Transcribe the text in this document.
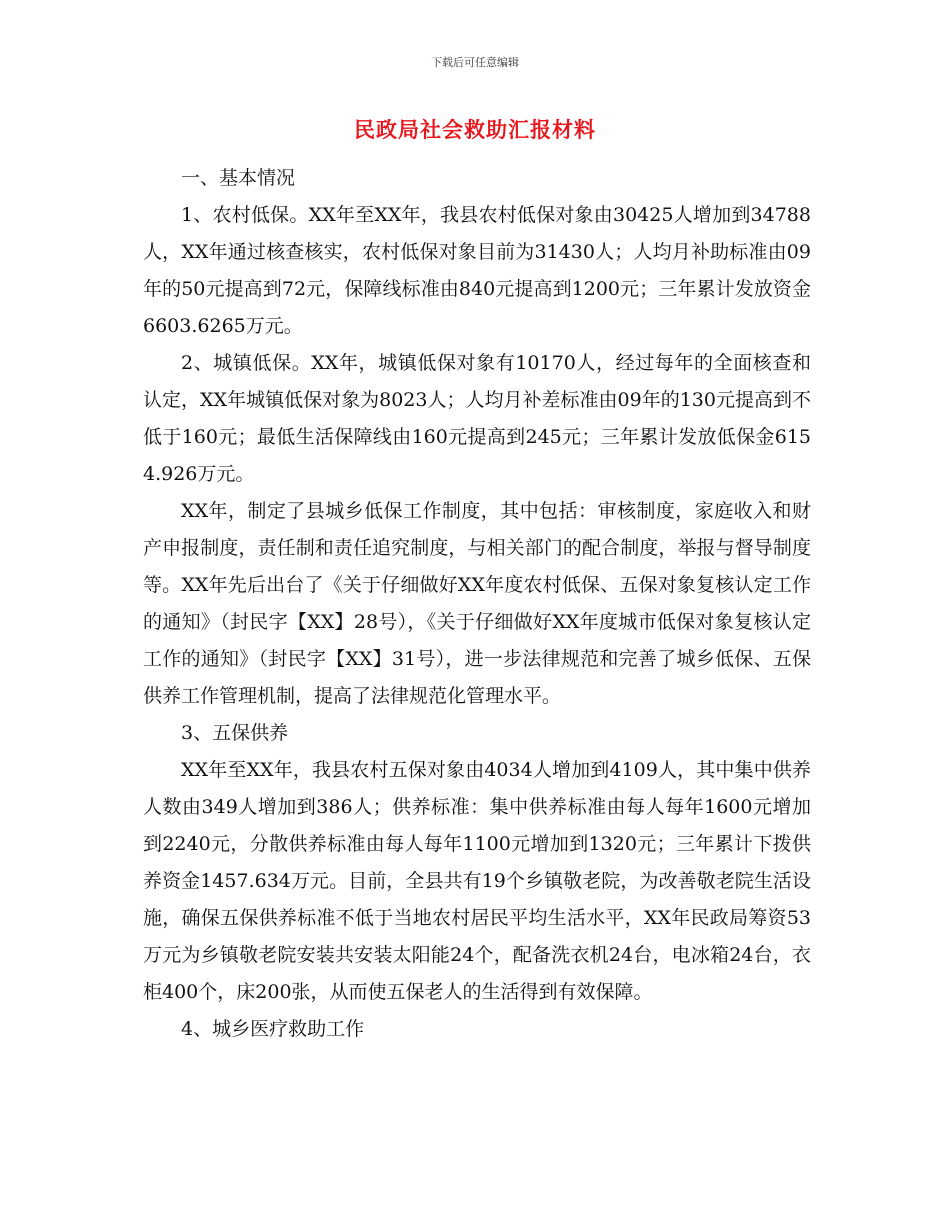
下载后可任意编辑
民政局社会救助汇报材料

一、基本情况

1、农村低保。XX年至XX年，我县农村低保对象由30425人增加到34788人，XX年通过核查核实，农村低保对象目前为31430人；人均月补助标准由09年的50元提高到72元，保障线标准由840元提高到1200元；三年累计发放资金6603.6265万元。

2、城镇低保。XX年，城镇低保对象有10170人，经过每年的全面核查和认定，XX年城镇低保对象为8023人；人均月补差标准由09年的130元提高到不低于160元；最低生活保障线由160元提高到245元；三年累计发放低保金6154.926万元。

XX年，制定了县城乡低保工作制度，其中包括：审核制度，家庭收入和财产申报制度，责任制和责任追究制度，与相关部门的配合制度，举报与督导制度等。XX年先后出台了《关于仔细做好XX年度农村低保、五保对象复核认定工作的通知》（封民字【XX】28号），《关于仔细做好XX年度城市低保对象复核认定工作的通知》（封民字【XX】31号），进一步法律规范和完善了城乡低保、五保供养工作管理机制，提高了法律规范化管理水平。

3、五保供养

XX年至XX年，我县农村五保对象由4034人增加到4109人，其中集中供养人数由349人增加到386人；供养标准：集中供养标准由每人每年1600元增加到2240元，分散供养标准由每人每年1100元增加到1320元；三年累计下拨供养资金1457.634万元。目前，全县共有19个乡镇敬老院，为改善敬老院生活设施，确保五保供养标准不低于当地农村居民平均生活水平，XX年民政局筹资53万元为乡镇敬老院安装共安装太阳能24个，配备洗衣机24台，电冰箱24台，衣柜400个，床200张，从而使五保老人的生活得到有效保障。

4、城乡医疗救助工作
